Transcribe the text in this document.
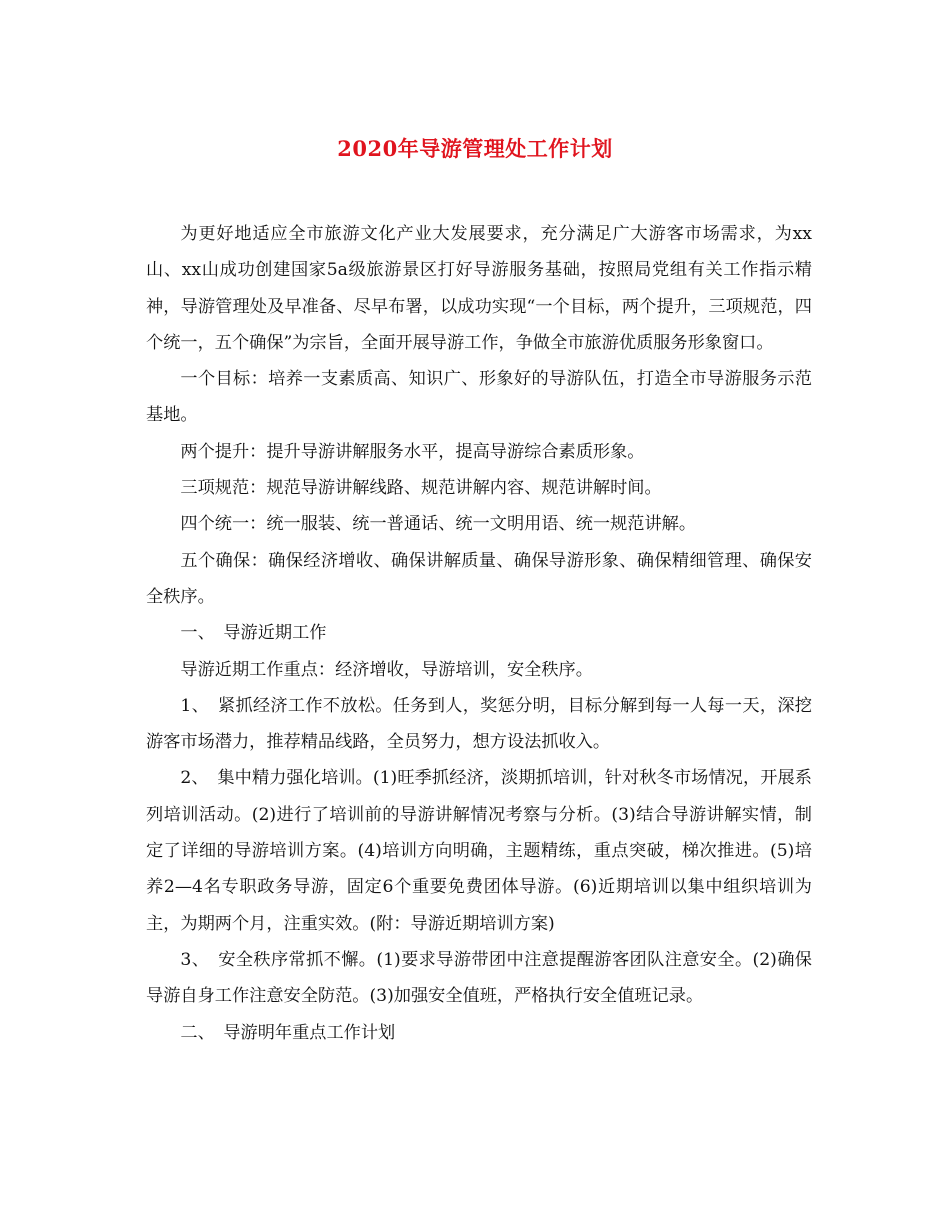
2020年导游管理处工作计划

为更好地适应全市旅游文化产业大发展要求，充分满足广大游客市场需求，为xx山、xx山成功创建国家5a级旅游景区打好导游服务基础，按照局党组有关工作指示精神，导游管理处及早准备、尽早布署，以成功实现“一个目标，两个提升，三项规范，四个统一，五个确保”为宗旨，全面开展导游工作，争做全市旅游优质服务形象窗口。

一个目标：培养一支素质高、知识广、形象好的导游队伍，打造全市导游服务示范基地。

两个提升：提升导游讲解服务水平，提高导游综合素质形象。

三项规范：规范导游讲解线路、规范讲解内容、规范讲解时间。

四个统一：统一服装、统一普通话、统一文明用语、统一规范讲解。

五个确保：确保经济增收、确保讲解质量、确保导游形象、确保精细管理、确保安全秩序。

一、　导游近期工作

导游近期工作重点：经济增收，导游培训，安全秩序。

1、　紧抓经济工作不放松。任务到人，奖惩分明，目标分解到每一人每一天，深挖游客市场潜力，推荐精品线路，全员努力，想方设法抓收入。

2、　集中精力强化培训。(1)旺季抓经济，淡期抓培训，针对秋冬市场情况，开展系列培训活动。(2)进行了培训前的导游讲解情况考察与分析。(3)结合导游讲解实情，制定了详细的导游培训方案。(4)培训方向明确，主题精练，重点突破，梯次推进。(5)培养2—4名专职政务导游，固定6个重要免费团体导游。(6)近期培训以集中组织培训为主，为期两个月，注重实效。(附：导游近期培训方案)

3、　安全秩序常抓不懈。(1)要求导游带团中注意提醒游客团队注意安全。(2)确保导游自身工作注意安全防范。(3)加强安全值班，严格执行安全值班记录。

二、　导游明年重点工作计划
